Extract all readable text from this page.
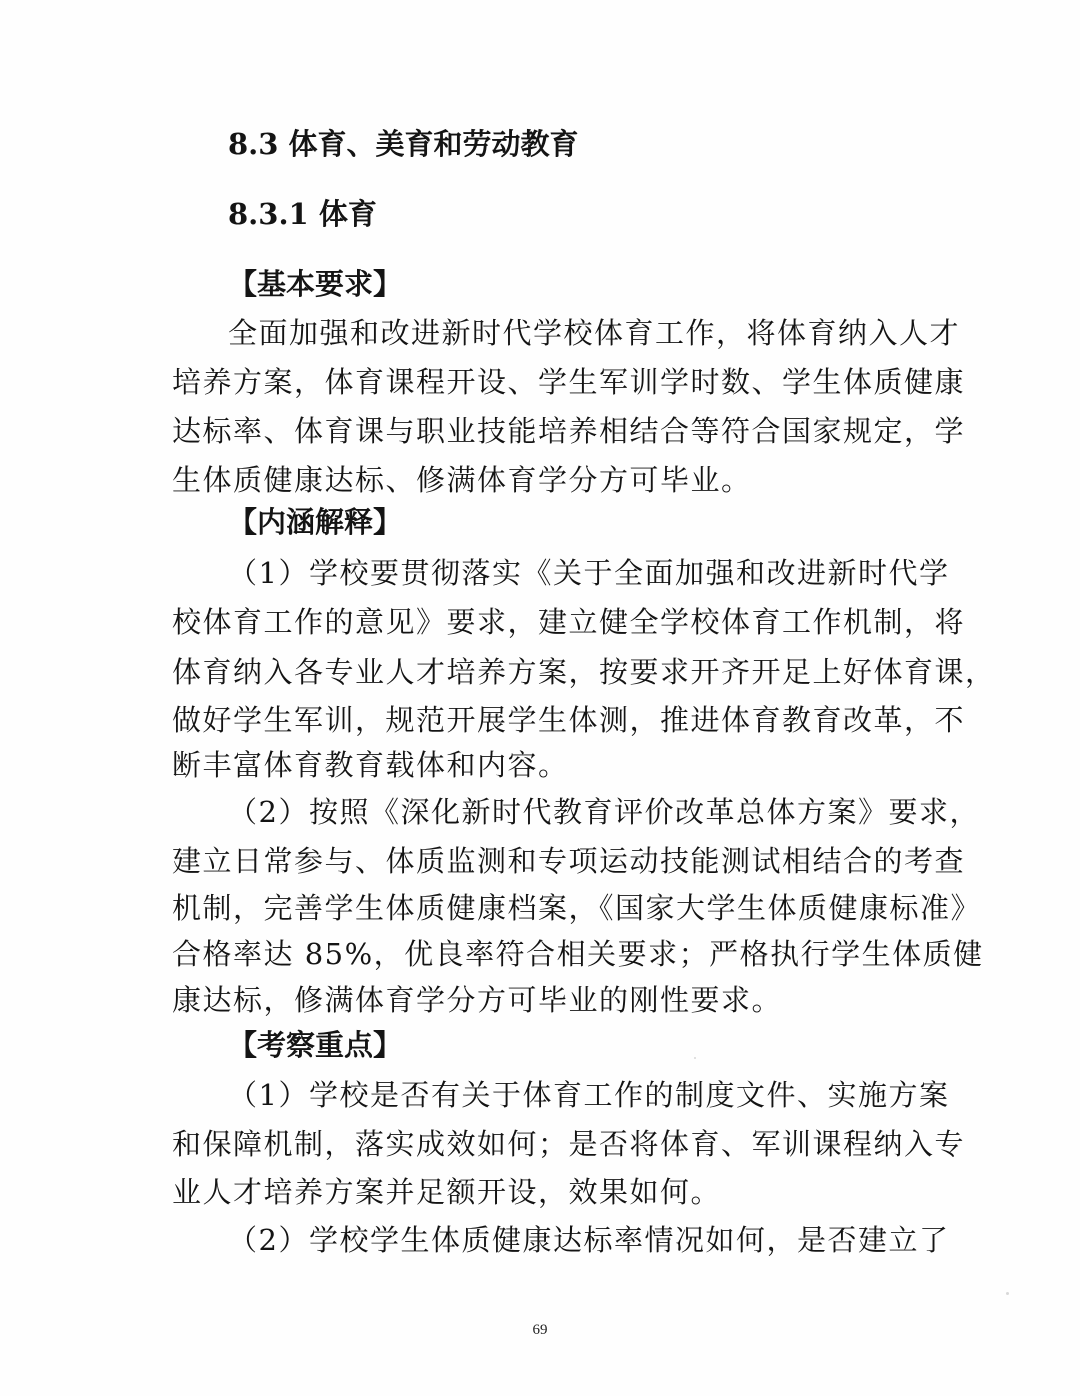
8.3 体育、美育和劳动教育
8.3.1 体育
【基本要求】
全面加强和改进新时代学校体育工作，将体育纳入人才
培养方案，体育课程开设、学生军训学时数、学生体质健康
达标率、体育课与职业技能培养相结合等符合国家规定，学
生体质健康达标、修满体育学分方可毕业。
【内涵解释】
（1）学校要贯彻落实《关于全面加强和改进新时代学
校体育工作的意见》要求，建立健全学校体育工作机制，将
体育纳入各专业人才培养方案，按要求开齐开足上好体育课，
做好学生军训，规范开展学生体测，推进体育教育改革，不
断丰富体育教育载体和内容。
（2）按照《深化新时代教育评价改革总体方案》要求，
建立日常参与、体质监测和专项运动技能测试相结合的考查
机制，完善学生体质健康档案，《国家大学生体质健康标准》
合格率达 85%，优良率符合相关要求；严格执行学生体质健
康达标，修满体育学分方可毕业的刚性要求。
【考察重点】
（1）学校是否有关于体育工作的制度文件、实施方案
和保障机制，落实成效如何；是否将体育、军训课程纳入专
业人才培养方案并足额开设，效果如何。
（2）学校学生体质健康达标率情况如何，是否建立了
69
